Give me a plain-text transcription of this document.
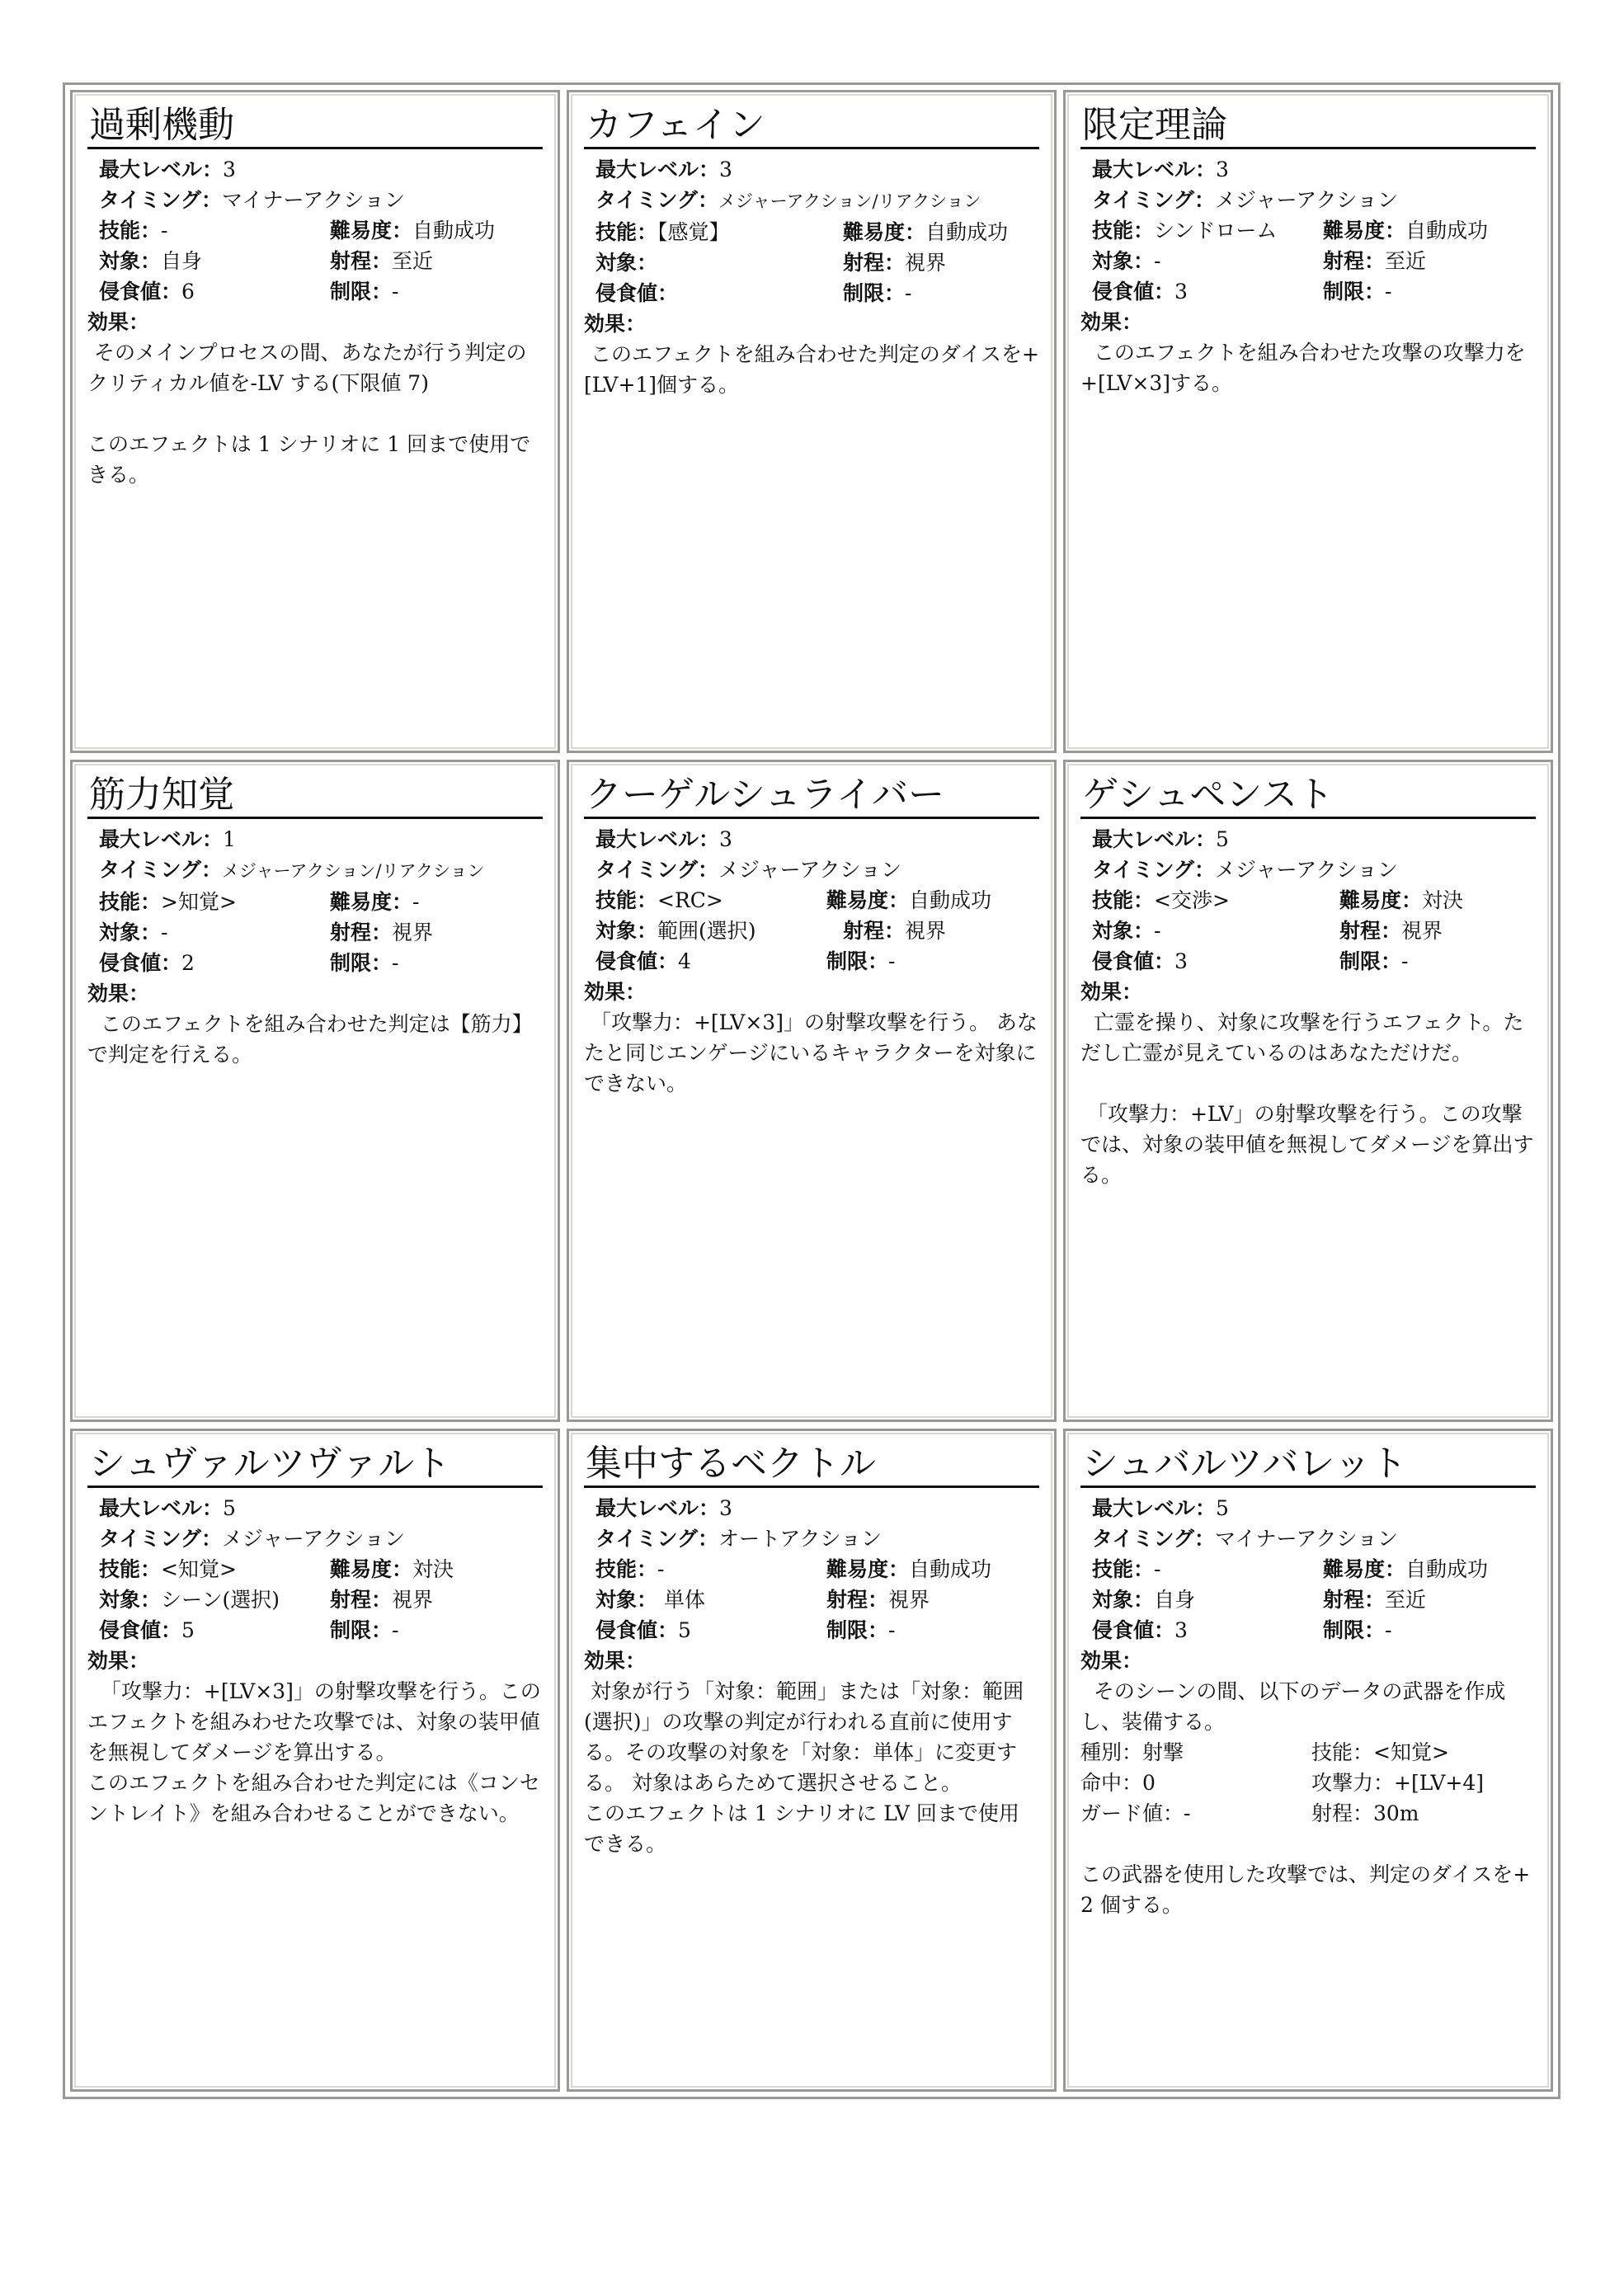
過剰機動
最大レベル：3
タイミング：マイナーアクション
技能：-	難易度：自動成功
対象：自身	射程：至近
侵食値：6	制限：-
効果：
そのメインプロセスの間、あなたが行う判定のクリティカル値を-LV する(下限値 7)

このエフェクトは 1 シナリオに 1 回まで使用できる。
カフェイン
最大レベル：3
タイミング：メジャーアクション/リアクション
技能：【感覚】	難易度：自動成功
対象：	射程：視界
侵食値：	制限：-
効果：
このエフェクトを組み合わせた判定のダイスを+[LV+1]個する。
限定理論
最大レベル：3
タイミング：メジャーアクション
技能：シンドローム	難易度：自動成功
対象：-	射程：至近
侵食値：3	制限：-
効果：
このエフェクトを組み合わせた攻撃の攻撃力を+[LV×3]する。
筋力知覚
最大レベル：1
タイミング：メジャーアクション/リアクション
技能：>知覚>	難易度：-
対象：-	射程：視界
侵食値：2	制限：-
効果：
このエフェクトを組み合わせた判定は【筋力】で判定を行える。
クーゲルシュライバー
最大レベル：3
タイミング：メジャーアクション
技能：<RC>	難易度：自動成功
対象：範囲(選択)	射程：視界
侵食値：4	制限：-
効果：
「攻撃力：+[LV×3]」の射撃攻撃を行う。 あなたと同じエンゲージにいるキャラクターを対象にできない。
ゲシュペンスト
最大レベル：5
タイミング：メジャーアクション
技能：<交渉>	難易度：対決
対象：-	射程：視界
侵食値：3	制限：-
効果：
亡霊を操り、対象に攻撃を行うエフェクト。ただし亡霊が見えているのはあなただけだ。

「攻撃力：+LV」の射撃攻撃を行う。この攻撃では、対象の装甲値を無視してダメージを算出する。
シュヴァルツヴァルト
最大レベル：5
タイミング：メジャーアクション
技能：<知覚>	難易度：対決
対象：シーン(選択)	射程：視界
侵食値：5	制限：-
効果：
「攻撃力：+[LV×3]」の射撃攻撃を行う。このエフェクトを組みわせた攻撃では、対象の装甲値を無視してダメージを算出する。
このエフェクトを組み合わせた判定には《コンセントレイト》を組み合わせることができない。
集中するベクトル
最大レベル：3
タイミング：オートアクション
技能：-	難易度：自動成功
対象： 単体	射程：視界
侵食値：5	制限：-
効果：
対象が行う「対象：範囲」または「対象：範囲(選択)」の攻撃の判定が行われる直前に使用する。その攻撃の対象を「対象：単体」に変更する。 対象はあらためて選択させること。
このエフェクトは 1 シナリオに LV 回まで使用できる。
シュバルツバレット
最大レベル：5
タイミング：マイナーアクション
技能：-	難易度：自動成功
対象：自身	射程：至近
侵食値：3	制限：-
効果：
そのシーンの間、以下のデータの武器を作成し、装備する。
種別：射撃	技能：<知覚>
命中：0	攻撃力：+[LV+4]
ガード値：-	射程：30m
この武器を使用した攻撃では、判定のダイスを+2 個する。
